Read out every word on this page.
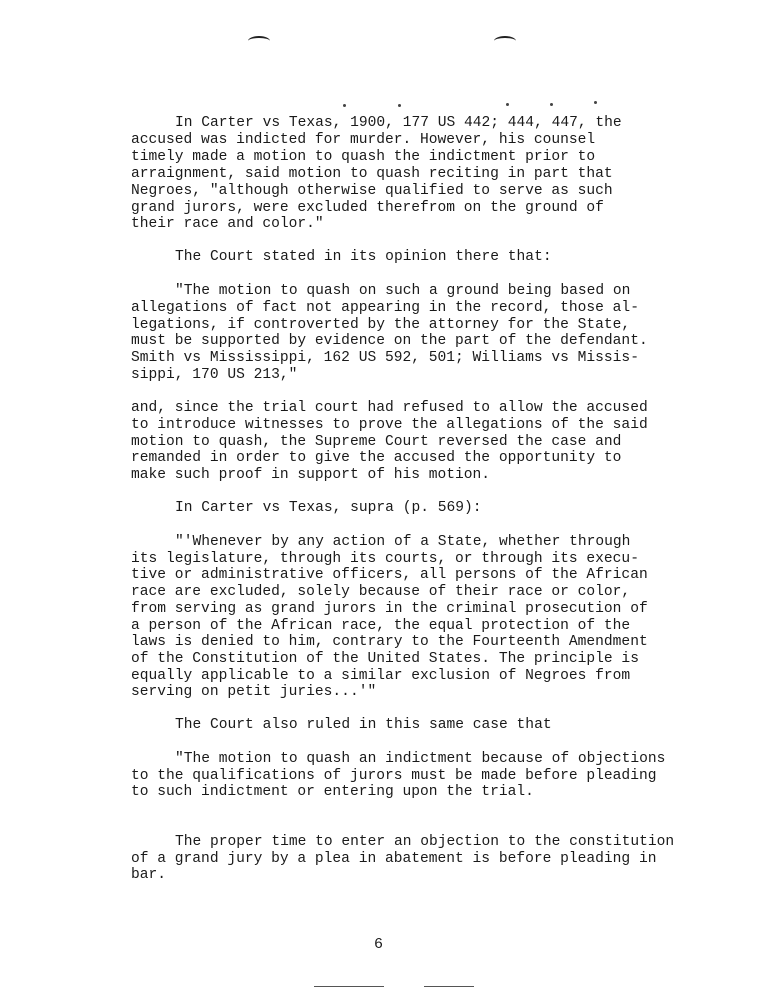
In Carter vs Texas, 1900, 177 US 442; 444, 447, the
accused was indicted for murder. However, his counsel
timely made a motion to quash the indictment prior to
arraignment, said motion to quash reciting in part that
Negroes, "although otherwise qualified to serve as such
grand jurors, were excluded therefrom on the ground of
their race and color."
The Court stated in its opinion there that:
"The motion to quash on such a ground being based on
allegations of fact not appearing in the record, those al-
legations, if controverted by the attorney for the State,
must be supported by evidence on the part of the defendant.
Smith vs Mississippi, 162 US 592, 501; Williams vs Missis-
sippi, 170 US 213,"
and, since the trial court had refused to allow the accused
to introduce witnesses to prove the allegations of the said
motion to quash, the Supreme Court reversed the case and
remanded in order to give the accused the opportunity to
make such proof in support of his motion.
In Carter vs Texas, supra (p. 569):
"'Whenever by any action of a State, whether through
its legislature, through its courts, or through its execu-
tive or administrative officers, all persons of the African
race are excluded, solely because of their race or color,
from serving as grand jurors in the criminal prosecution of
a person of the African race, the equal protection of the
laws is denied to him, contrary to the Fourteenth Amendment
of the Constitution of the United States. The principle is
equally applicable to a similar exclusion of Negroes from
serving on petit juries...'"
The Court also ruled in this same case that
"The motion to quash an indictment because of objections
to the qualifications of jurors must be made before pleading
to such indictment or entering upon the trial.
The proper time to enter an objection to the constitution
of a grand jury by a plea in abatement is before pleading in
bar.
6
